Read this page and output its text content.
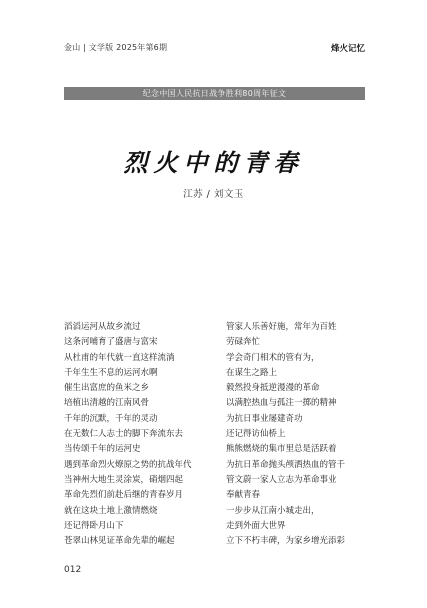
金山 | 文学版 2025年第6期	烽火记忆
纪念中国人民抗日战争胜利80周年征文
烈火中的青春
江苏 / 刘文玉
滔滔运河从故乡流过
这条河哺育了盛唐与富宋
从杜甫的年代就一直这样流淌
千年生生不息的运河水啊
催生出富庶的鱼米之乡
培植出清越的江南风骨
千年的沉默，千年的灵动
在无数仁人志士的脚下奔流东去
当传颂千年的运河史
遇到革命烈火燎原之势的抗战年代
当神州大地生灵涂炭，硝烟四起
革命先烈们前赴后继的青春岁月
就在这块土地上激情燃烧
还记得卧月山下
苍翠山林见证革命先辈的崛起
管家人乐善好施，常年为百姓
劳碌奔忙
学会奇门相术的管有为，
在谋生之路上
毅然投身抵逆漫漫的革命
以满腔热血与孤注一掷的精神
为抗日事业屡建奇功
还记得访仙桥上
熊熊燃烧的集市里总是活跃着
为抗日革命抛头颅洒热血的管千
管文蔚一家人立志为革命事业
奉献青春
一步步从江南小城走出，
走到外面大世界
立下不朽丰碑，为家乡增光添彩
012
